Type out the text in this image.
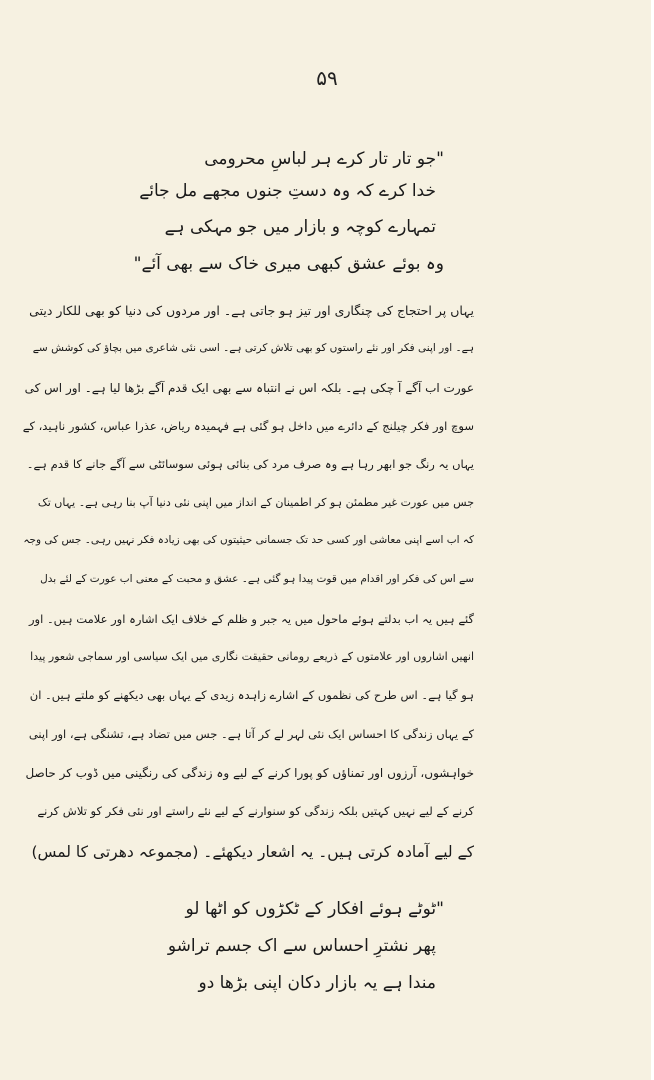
۵۹
"جو تار تار کرے ہر لباسِ محرومی
خدا کرے کہ وہ دستِ جنوں مجھے مل جائے
تمہارے کوچہ و بازار میں جو مہکی ہے
وہ بوئے عشق کبھی میری خاک سے بھی آئے"
یہاں پر احتجاج کی چنگاری اور تیز ہو جاتی ہے۔ اور مردوں کی دنیا کو بھی للکار دیتی
ہے۔ اور اپنی فکر اور نئے راستوں کو بھی تلاش کرتی ہے۔ اسی نئی شاعری میں بچاؤ کی کوشش سے
عورت اب آگے آ چکی ہے۔ بلکہ اس نے انتباہ سے بھی ایک قدم آگے بڑھا لیا ہے۔ اور اس کی
سوچ اور فکر چیلنج کے دائرے میں داخل ہو گئی ہے فہمیدہ ریاض، عذرا عباس، کشور ناہید، کے
یہاں یہ رنگ جو ابھر رہا ہے وہ صرف مرد کی بنائی ہوئی سوسائٹی سے آگے جانے کا قدم ہے۔
جس میں عورت غیر مطمئن ہو کر اطمینان کے انداز میں اپنی نئی دنیا آپ بنا رہی ہے۔ یہاں تک
کہ اب اسے اپنی معاشی اور کسی حد تک جسمانی حیثیتوں کی بھی زیادہ فکر نہیں رہی۔ جس کی وجہ
سے اس کی فکر اور اقدام میں قوت پیدا ہو گئی ہے۔ عشق و محبت کے معنی اب عورت کے لئے بدل
گئے ہیں یہ اب بدلتے ہوئے ماحول میں یہ جبر و ظلم کے خلاف ایک اشارہ اور علامت ہیں۔ اور
انھیں اشاروں اور علامتوں کے ذریعے رومانی حقیقت نگاری میں ایک سیاسی اور سماجی شعور پیدا
ہو گیا ہے۔ اس طرح کی نظموں کے اشارے زاہدہ زیدی کے یہاں بھی دیکھنے کو ملتے ہیں۔ ان
کے یہاں زندگی کا احساس ایک نئی لہر لے کر آتا ہے۔ جس میں تضاد ہے، تشنگی ہے، اور اپنی
خواہشوں، آرزوں اور تمناؤں کو پورا کرنے کے لیے وہ زندگی کی رنگینی میں ڈوب کر حاصل
کرنے کے لیے نہیں کہتیں بلکہ زندگی کو سنوارنے کے لیے نئے راستے اور نئی فکر کو تلاش کرنے
کے لیے آمادہ کرتی ہیں۔ یہ اشعار دیکھئے۔ (مجموعہ دھرتی کا لمس)
"ٹوٹے ہوئے افکار کے ٹکڑوں کو اٹھا لو
پھر نشترِ احساس سے اک جسم تراشو
مندا ہے یہ بازار دکان اپنی بڑھا دو
